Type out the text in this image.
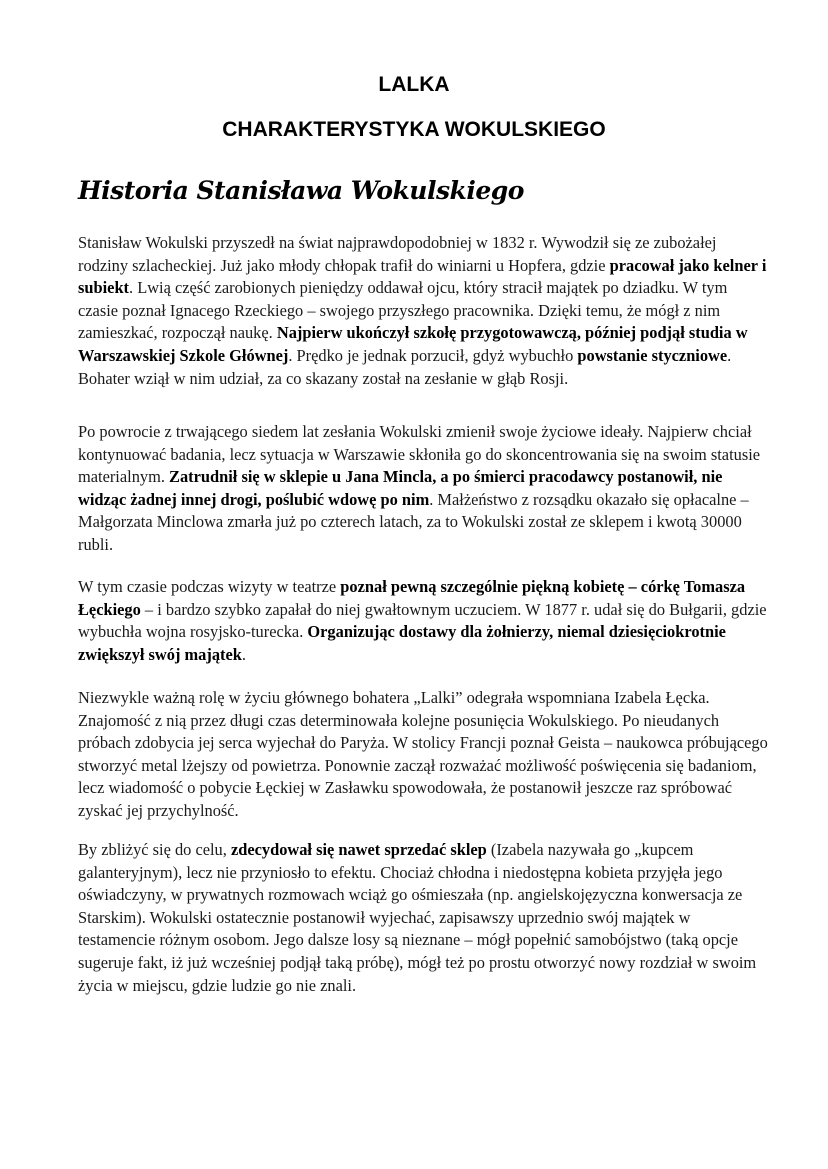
LALKA
CHARAKTERYSTYKA WOKULSKIEGO
Historia Stanisława Wokulskiego

Stanisław Wokulski przyszedł na świat najprawdopodobniej w 1832 r. Wywodził się ze zubożałej rodziny szlacheckiej. Już jako młody chłopak trafił do winiarni u Hopfera, gdzie pracował jako kelner i subiekt. Lwią część zarobionych pieniędzy oddawał ojcu, który stracił majątek po dziadku. W tym czasie poznał Ignacego Rzeckiego – swojego przyszłego pracownika. Dzięki temu, że mógł z nim zamieszkać, rozpoczął naukę. Najpierw ukończył szkołę przygotowawczą, później podjął studia w Warszawskiej Szkole Głównej. Prędko je jednak porzucił, gdyż wybuchło powstanie styczniowe. Bohater wziął w nim udział, za co skazany został na zesłanie w głąb Rosji.

Po powrocie z trwającego siedem lat zesłania Wokulski zmienił swoje życiowe ideały. Najpierw chciał kontynuować badania, lecz sytuacja w Warszawie skłoniła go do skoncentrowania się na swoim statusie materialnym. Zatrudnił się w sklepie u Jana Mincla, a po śmierci pracodawcy postanowił, nie widząc żadnej innej drogi, poślubić wdowę po nim. Małżeństwo z rozsądku okazało się opłacalne – Małgorzata Minclowa zmarła już po czterech latach, za to Wokulski został ze sklepem i kwotą 30000 rubli.

W tym czasie podczas wizyty w teatrze poznał pewną szczególnie piękną kobietę – córkę Tomasza Łęckiego – i bardzo szybko zapałał do niej gwałtownym uczuciem. W 1877 r. udał się do Bułgarii, gdzie wybuchła wojna rosyjsko-turecka. Organizując dostawy dla żołnierzy, niemal dziesięciokrotnie zwiększył swój majątek.

Niezwykle ważną rolę w życiu głównego bohatera „Lalki” odegrała wspomniana Izabela Łęcka. Znajomość z nią przez długi czas determinowała kolejne posunięcia Wokulskiego. Po nieudanych próbach zdobycia jej serca wyjechał do Paryża. W stolicy Francji poznał Geista – naukowca próbującego stworzyć metal lżejszy od powietrza. Ponownie zaczął rozważać możliwość poświęcenia się badaniom, lecz wiadomość o pobycie Łęckiej w Zasławku spowodowała, że postanowił jeszcze raz spróbować zyskać jej przychylność.

By zbliżyć się do celu, zdecydował się nawet sprzedać sklep (Izabela nazywała go „kupcem galanteryjnym), lecz nie przyniosło to efektu. Chociaż chłodna i niedostępna kobieta przyjęła jego oświadczyny, w prywatnych rozmowach wciąż go ośmieszała (np. angielskojęzyczna konwersacja ze Starskim). Wokulski ostatecznie postanowił wyjechać, zapisawszy uprzednio swój majątek w testamencie różnym osobom. Jego dalsze losy są nieznane – mógł popełnić samobójstwo (taką opcje sugeruje fakt, iż już wcześniej podjął taką próbę), mógł też po prostu otworzyć nowy rozdział w swoim życia w miejscu, gdzie ludzie go nie znali.
